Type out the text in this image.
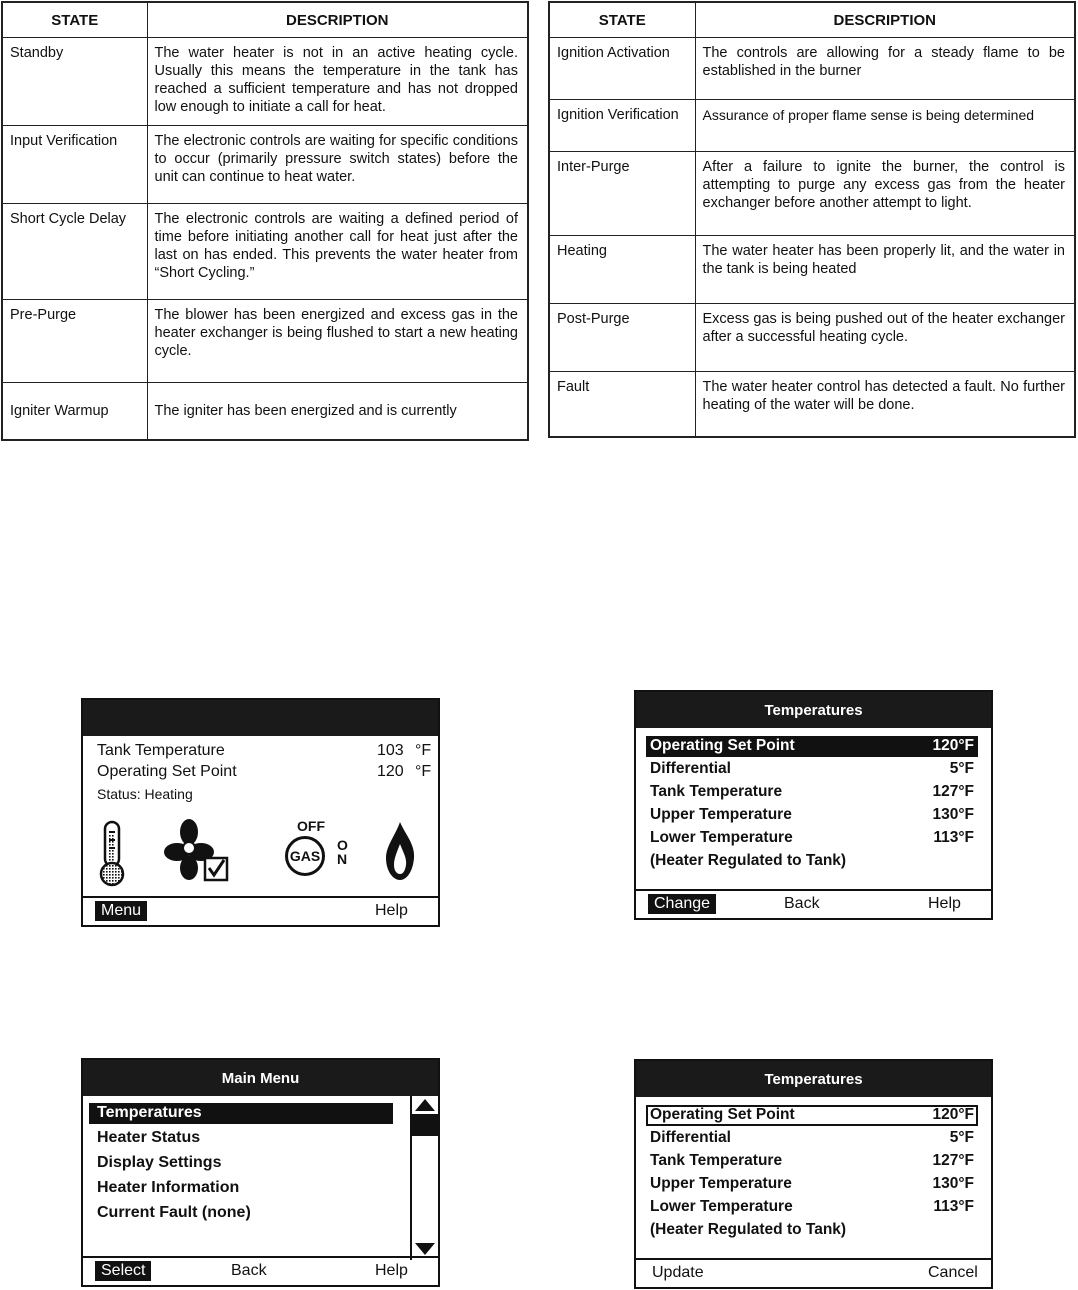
STATE	DESCRIPTION
Standby	The water heater is not in an active heating cycle. Usually this means the temperature in the tank has reached a sufficient temperature and has not dropped low enough to initiate a call for heat.
Input Verification	The electronic controls are waiting for specific conditions to occur (primarily pressure switch states) before the unit can continue to heat water.
Short Cycle Delay	The electronic controls are waiting a defined period of time before initiating another call for heat just after the last on has ended. This prevents the water heater from “Short Cycling.”
Pre-Purge	The blower has been energized and excess gas in the heater exchanger is being flushed to start a new heating cycle.
Igniter Warmup	The igniter has been energized and is currently
STATE	DESCRIPTION
Ignition Activation	The controls are allowing for a steady flame to be established in the burner
Ignition Verification	Assurance of proper flame sense is being determined
Inter-Purge	After a failure to ignite the burner, the control is attempting to purge any excess gas from the heater exchanger before another attempt to light.
Heating	The water heater has been properly lit, and the water in the tank is being heated
Post-Purge	Excess gas is being pushed out of the heater exchanger after a successful heating cycle.
Fault	The water heater control has detected a fault. No further heating of the water will be done.
Tank Temperature	103 °F
Operating Set Point	120 °F
Status: Heating
OFF
GAS
O
N
Menu	Help
Temperatures
Operating Set Point	120°F
Differential	5°F
Tank Temperature	127°F
Upper Temperature	130°F
Lower Temperature	113°F
(Heater Regulated to Tank)
Change	Back	Help
Main Menu
Temperatures
Heater Status
Display Settings
Heater Information
Current Fault (none)
Select	Back	Help
Temperatures
Operating Set Point	120°F
Differential	5°F
Tank Temperature	127°F
Upper Temperature	130°F
Lower Temperature	113°F
(Heater Regulated to Tank)
Update	Cancel
